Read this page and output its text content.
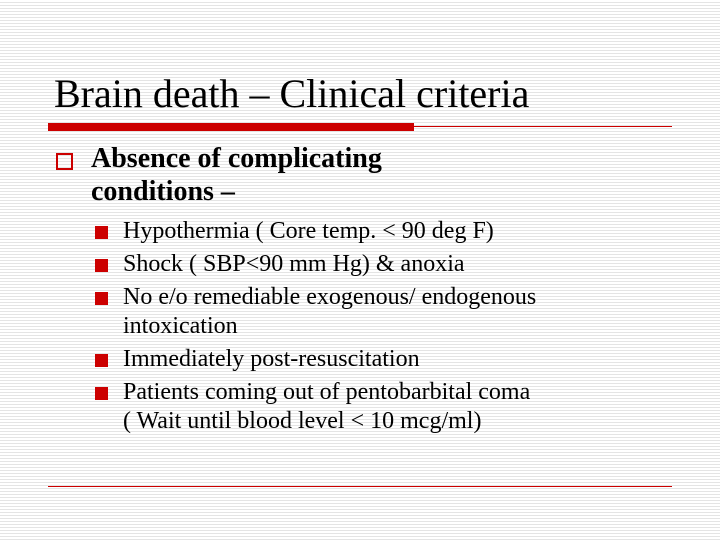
Brain death – Clinical criteria
Absence of complicating
conditions –
Hypothermia ( Core temp. < 90 deg F)
Shock ( SBP<90 mm Hg) & anoxia
No e/o remediable exogenous/ endogenous
intoxication
Immediately post-resuscitation
Patients coming out of pentobarbital coma
( Wait until blood level < 10 mcg/ml)
